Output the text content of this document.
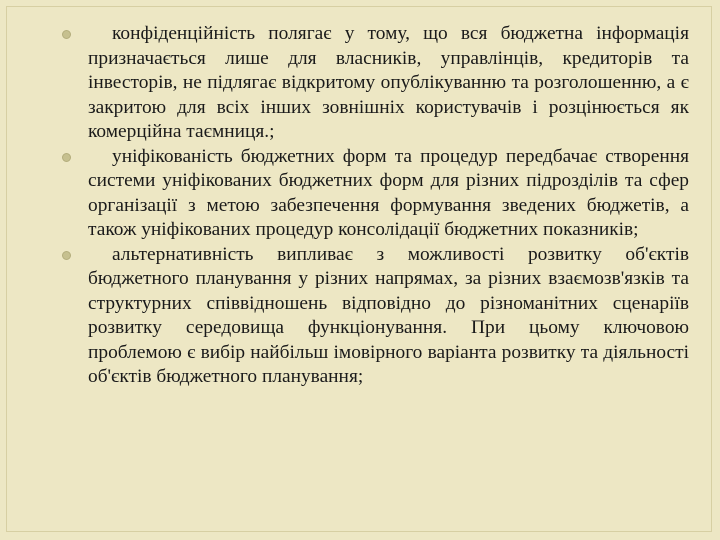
конфіденційність полягає у тому, що вся бюджетна інформація призначається лише для власників, управлінців, кредиторів та інвесторів, не підлягає відкритому опублікуванню та розголошенню, а є закритою для всіх інших зовнішніх користувачів і розцінюється як комерційна таємниця.;

уніфікованість бюджетних форм та процедур передбачає створення системи уніфікованих бюджетних форм для різних підрозділів та сфер організації з метою забезпечення формування зведених бюджетів, а також уніфікованих процедур консолідації бюджетних показників;

альтернативність випливає з можливості розвитку об'єктів бюджетного планування у різних напрямах, за різних взаємозв'язків та структурних співвідношень відповідно до різноманітних сценаріїв розвитку середовища функціонування. При цьому ключовою проблемою є вибір найбільш імовірного варіанта розвитку та діяльності об'єктів бюджетного планування;
